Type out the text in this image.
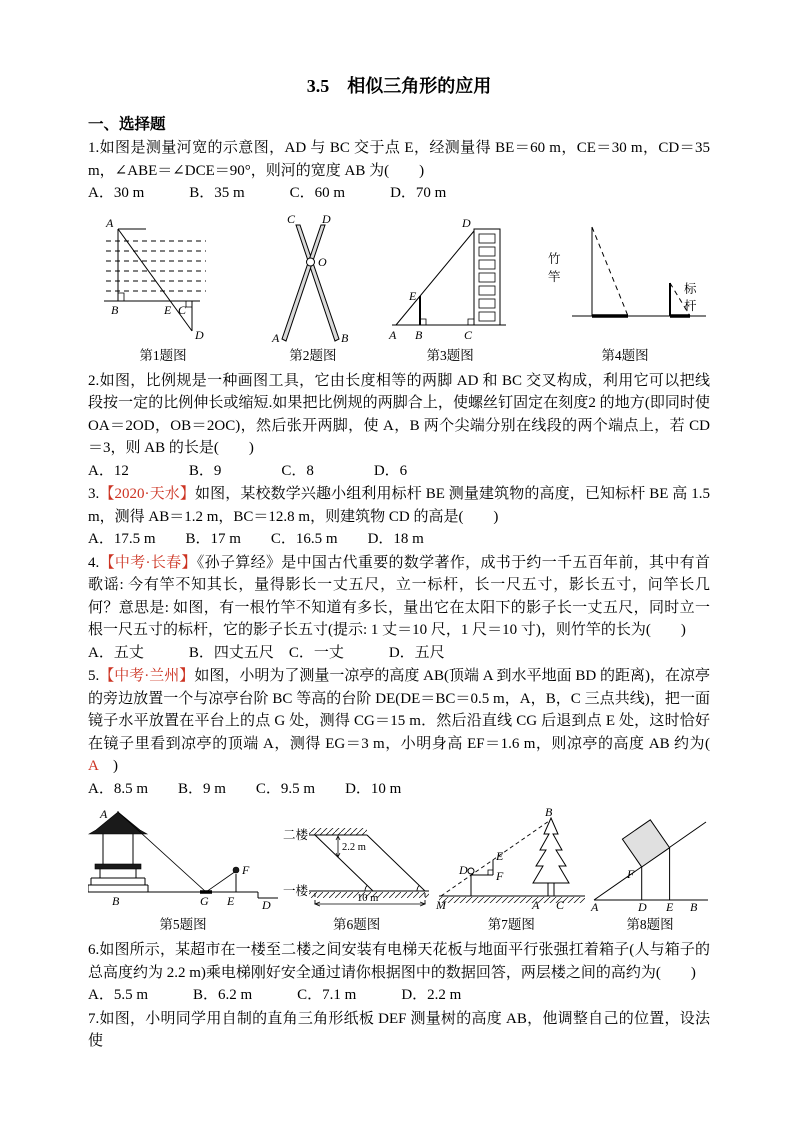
3.5　相似三角形的应用
一、选择题

1.如图是测量河宽的示意图，AD 与 BC 交于点 E，经测量得 BE＝60 m，CE＝30 m，CD＝35 m，∠ABE＝∠DCE＝90°，则河的宽度 AB 为(　　)

A．30 m　　　B．35 m　　　C．60 m　　　D．70 m

A
B	E C
D
第1题图
C D
O
A	B
第2题图
D
A
E
B	C
第3题图
竹
竿
标
杆
第4题图

2.如图，比例规是一种画图工具，它由长度相等的两脚 AD 和 BC 交叉构成，利用它可以把线段按一定的比例伸长或缩短.如果把比例规的两脚合上，使螺丝钉固定在刻度2 的地方(即同时使 OA＝2OD，OB＝2OC)，然后张开两脚，使 A，B 两个尖端分别在线段的两个端点上，若 CD＝3，则 AB 的长是(　　)

A．12　　　　B．9　　　　C．8　　　　D．6

3.【2020·天水】如图，某校数学兴趣小组利用标杆 BE 测量建筑物的高度，已知标杆 BE 高 1.5 m，测得 AB＝1.2 m，BC＝12.8 m，则建筑物 CD 的高是(　　)

A．17.5 m　　B．17 m　　C．16.5 m　　D．18 m

4.【中考·长春】《孙子算经》是中国古代重要的数学著作，成书于约一千五百年前，其中有首歌谣: 今有竿不知其长，量得影长一丈五尺，立一标杆，长一尺五寸，影长五寸，问竿长几何？意思是: 如图，有一根竹竿不知道有多长，量出它在太阳下的影子长一丈五尺，同时立一根一尺五寸的标杆，它的影子长五寸(提示: 1 丈＝10 尺，1 尺＝10 寸)，则竹竿的长为(　　)

A．五丈　　　B．四丈五尺　C．一丈　　　D．五尺

5.【中考·兰州】如图，小明为了测量一凉亭的高度 AB(顶端 A 到水平地面 BD 的距离)，在凉亭的旁边放置一个与凉亭台阶 BC 等高的台阶 DE(DE＝BC＝0.5 m，A，B，C 三点共线)，把一面镜子水平放置在平台上的点 G 处，测得 CG＝15 m．然后沿直线 CG 后退到点 E 处，这时恰好在镜子里看到凉亭的顶端 A，测得 EG＝3 m，小明身高 EF＝1.6 m，则凉亭的高度 AB 约为(　A　)

A．8.5 m　　B．9 m　　C．9.5 m　　D．10 m

A
B	G
F
E D
第5题图
二楼
一楼
2.2 m
10 m
第6题图
B
E
F
D
M	A C
第7题图
F
A	D E B
第8题图

6.如图所示，某超市在一楼至二楼之间安装有电梯天花板与地面平行张强扛着箱子(人与箱子的总高度约为 2.2 m)乘电梯刚好安全通过请你根据图中的数据回答，两层楼之间的高约为(　　)

A．5.5 m　　　B．6.2 m　　　C．7.1 m　　　D．2.2 m

7.如图，小明同学用自制的直角三角形纸板 DEF 测量树的高度 AB，他调整自己的位置，设法使
